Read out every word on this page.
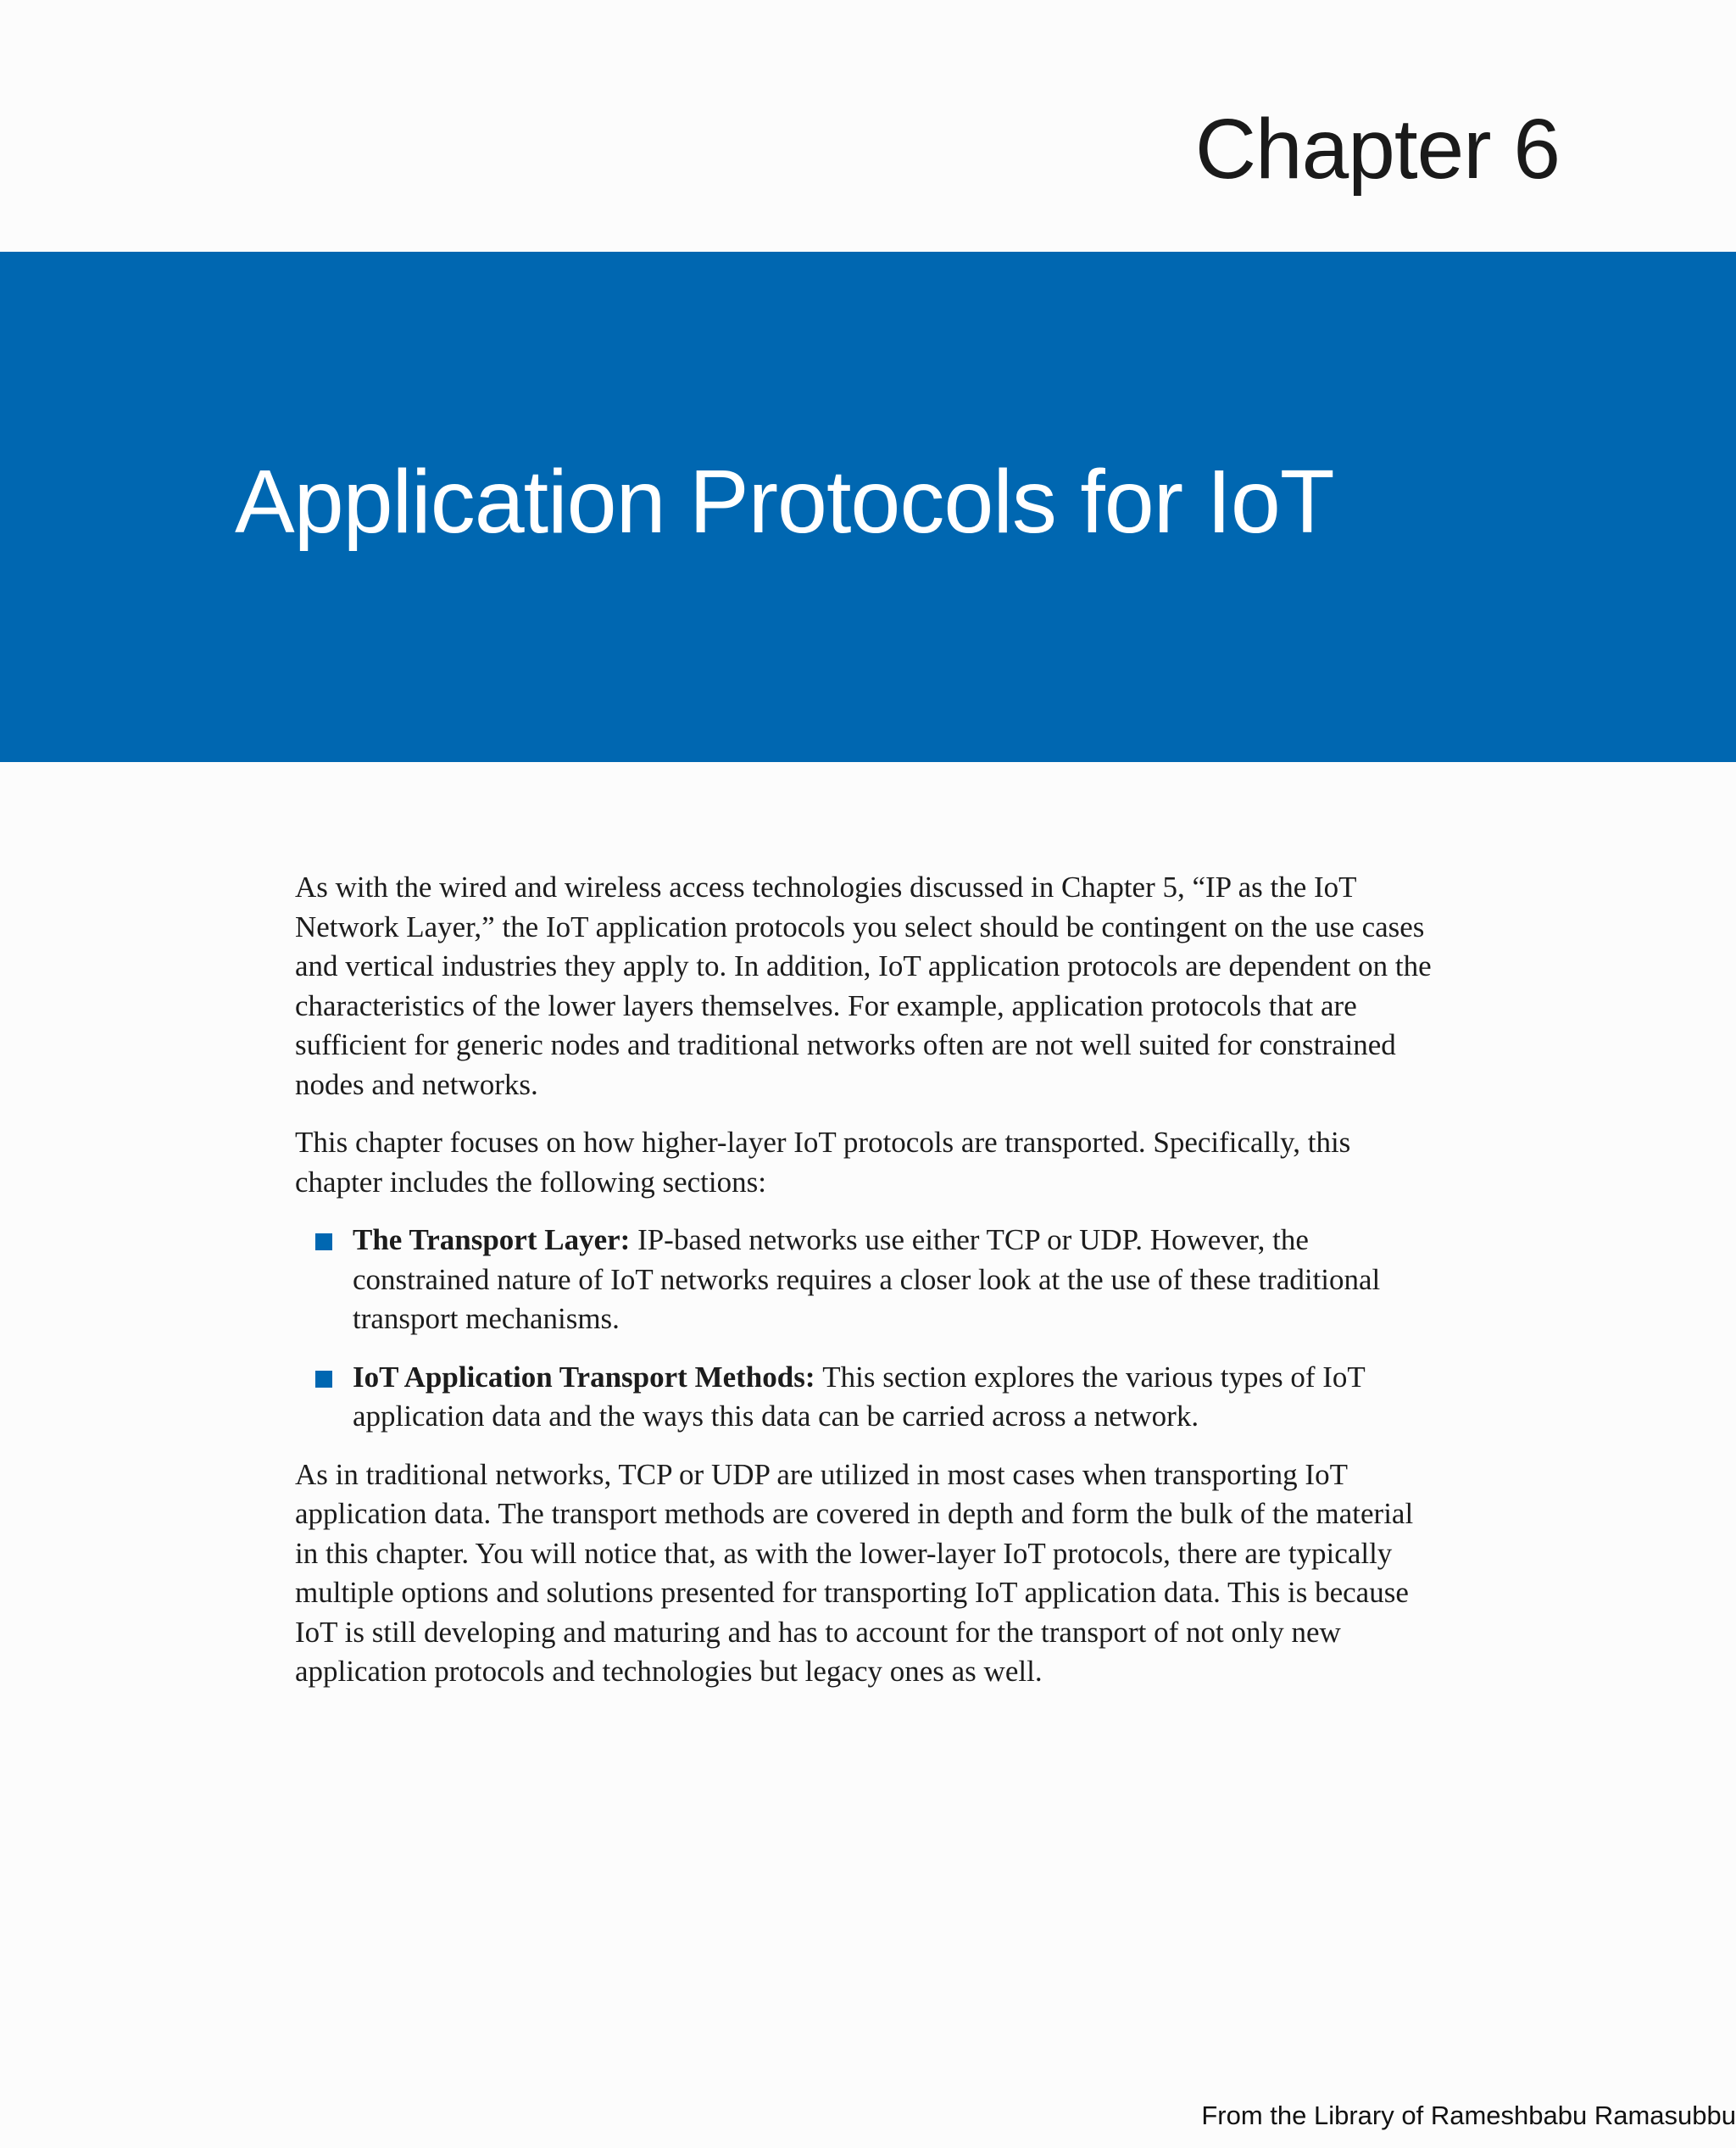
Chapter 6
Application Protocols for IoT

As with the wired and wireless access technologies discussed in Chapter 5, “IP as the IoT Network Layer,” the IoT application protocols you select should be contingent on the use cases and vertical industries they apply to. In addition, IoT application protocols are dependent on the characteristics of the lower layers themselves. For example, application protocols that are sufficient for generic nodes and traditional networks often are not well suited for constrained nodes and networks.

This chapter focuses on how higher-layer IoT protocols are transported. Specifically, this chapter includes the following sections:

The Transport Layer: IP-based networks use either TCP or UDP. However, the constrained nature of IoT networks requires a closer look at the use of these traditional transport mechanisms.
IoT Application Transport Methods: This section explores the various types of IoT application data and the ways this data can be carried across a network.

As in traditional networks, TCP or UDP are utilized in most cases when transporting IoT application data. The transport methods are covered in depth and form the bulk of the material in this chapter. You will notice that, as with the lower-layer IoT protocols, there are typically multiple options and solutions presented for transporting IoT application data. This is because IoT is still developing and maturing and has to account for the transport of not only new application protocols and technologies but legacy ones as well.

From the Library of Rameshbabu Ramasubbu
